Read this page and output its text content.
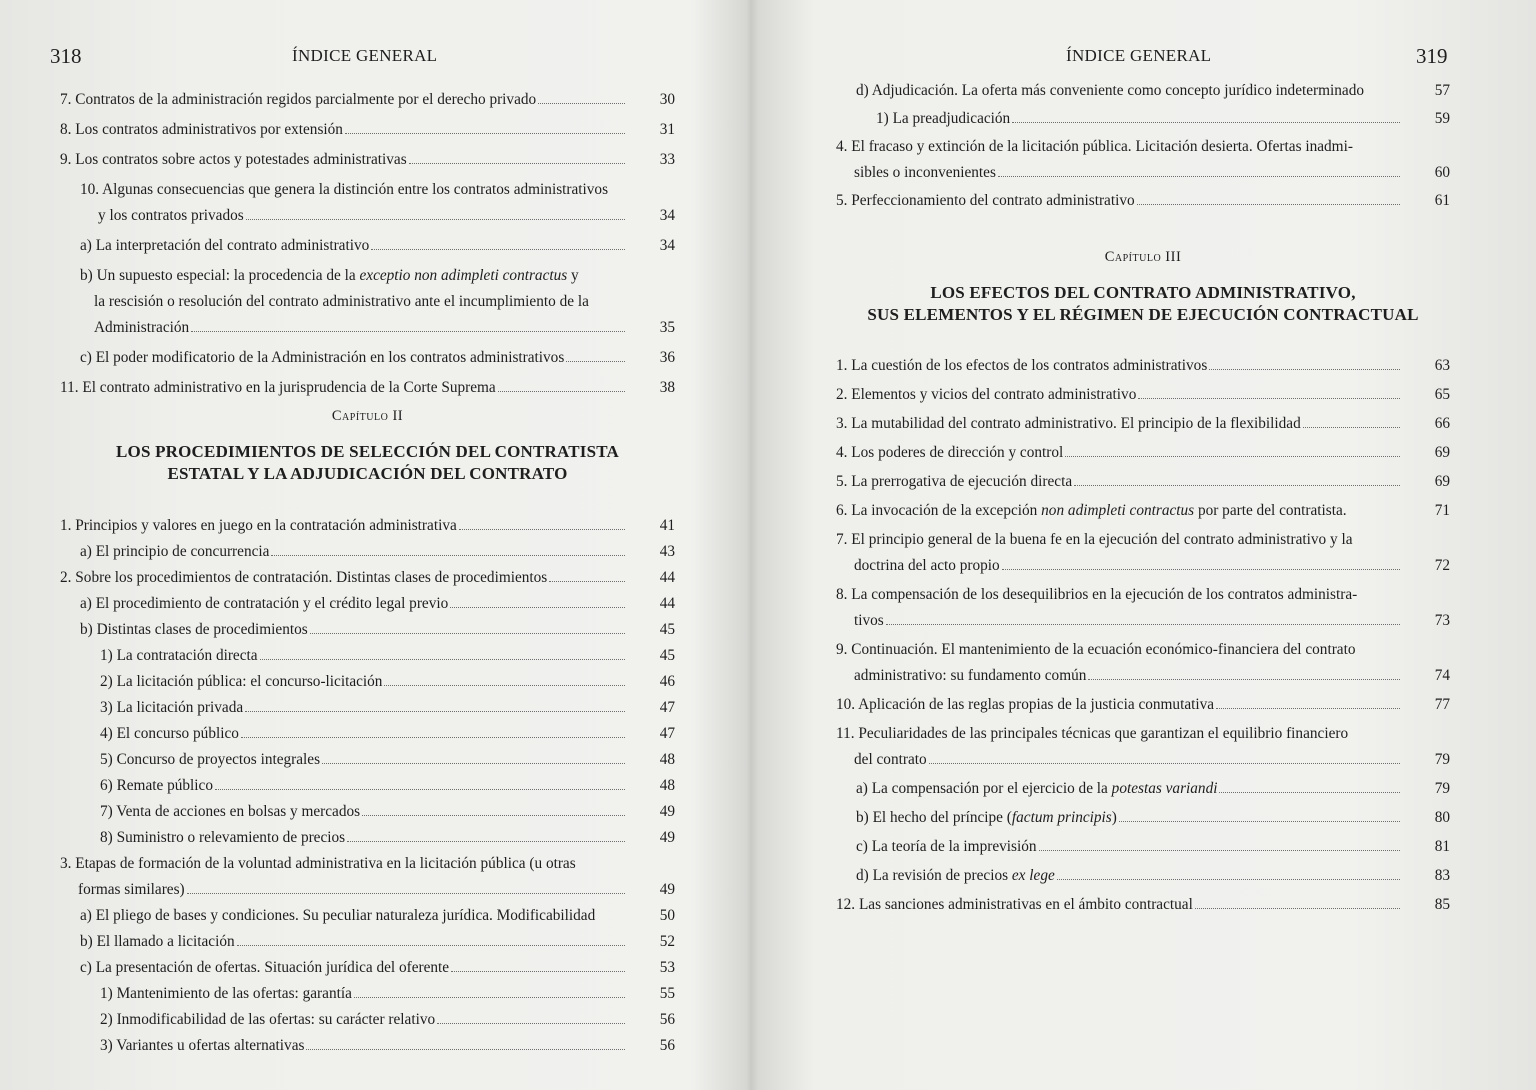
318	ÍNDICE GENERAL
7. Contratos de la administración regidos parcialmente por el derecho privado	30
8. Los contratos administrativos por extensión	31
9. Los contratos sobre actos y potestades administrativas	33
10. Algunas consecuencias que genera la distinción entre los contratos administrativos
y los contratos privados	34
a) La interpretación del contrato administrativo	34
b) Un supuesto especial: la procedencia de la exceptio non adimpleti contractus y
la rescisión o resolución del contrato administrativo ante el incumplimiento de la
Administración	35
c) El poder modificatorio de la Administración en los contratos administrativos	36
11. El contrato administrativo en la jurisprudencia de la Corte Suprema	38
Capítulo II
LOS PROCEDIMIENTOS DE SELECCIÓN DEL CONTRATISTA
ESTATAL Y LA ADJUDICACIÓN DEL CONTRATO
1. Principios y valores en juego en la contratación administrativa	41
a) El principio de concurrencia	43
2. Sobre los procedimientos de contratación. Distintas clases de procedimientos	44
a) El procedimiento de contratación y el crédito legal previo	44
b) Distintas clases de procedimientos	45
1) La contratación directa	45
2) La licitación pública: el concurso-licitación	46
3) La licitación privada	47
4) El concurso público	47
5) Concurso de proyectos integrales	48
6) Remate público	48
7) Venta de acciones en bolsas y mercados	49
8) Suministro o relevamiento de precios	49
3. Etapas de formación de la voluntad administrativa en la licitación pública (u otras
formas similares)	49
a) El pliego de bases y condiciones. Su peculiar naturaleza jurídica. Modificabilidad	50
b) El llamado a licitación	52
c) La presentación de ofertas. Situación jurídica del oferente	53
1) Mantenimiento de las ofertas: garantía	55
2) Inmodificabilidad de las ofertas: su carácter relativo	56
3) Variantes u ofertas alternativas	56
ÍNDICE GENERAL	319
d) Adjudicación. La oferta más conveniente como concepto jurídico indeterminado	57
1) La preadjudicación	59
4. El fracaso y extinción de la licitación pública. Licitación desierta. Ofertas inadmi-
sibles o inconvenientes	60
5. Perfeccionamiento del contrato administrativo	61
Capítulo III
LOS EFECTOS DEL CONTRATO ADMINISTRATIVO,
SUS ELEMENTOS Y EL RÉGIMEN DE EJECUCIÓN CONTRACTUAL
1. La cuestión de los efectos de los contratos administrativos	63
2. Elementos y vicios del contrato administrativo	65
3. La mutabilidad del contrato administrativo. El principio de la flexibilidad	66
4. Los poderes de dirección y control	69
5. La prerrogativa de ejecución directa	69
6. La invocación de la excepción non adimpleti contractus por parte del contratista.	71
7. El principio general de la buena fe en la ejecución del contrato administrativo y la
doctrina del acto propio	72
8. La compensación de los desequilibrios en la ejecución de los contratos administra-
tivos	73
9. Continuación. El mantenimiento de la ecuación económico-financiera del contrato
administrativo: su fundamento común	74
10. Aplicación de las reglas propias de la justicia conmutativa	77
11. Peculiaridades de las principales técnicas que garantizan el equilibrio financiero
del contrato	79
a) La compensación por el ejercicio de la potestas variandi	79
b) El hecho del príncipe (factum principis)	80
c) La teoría de la imprevisión	81
d) La revisión de precios ex lege	83
12. Las sanciones administrativas en el ámbito contractual	85
